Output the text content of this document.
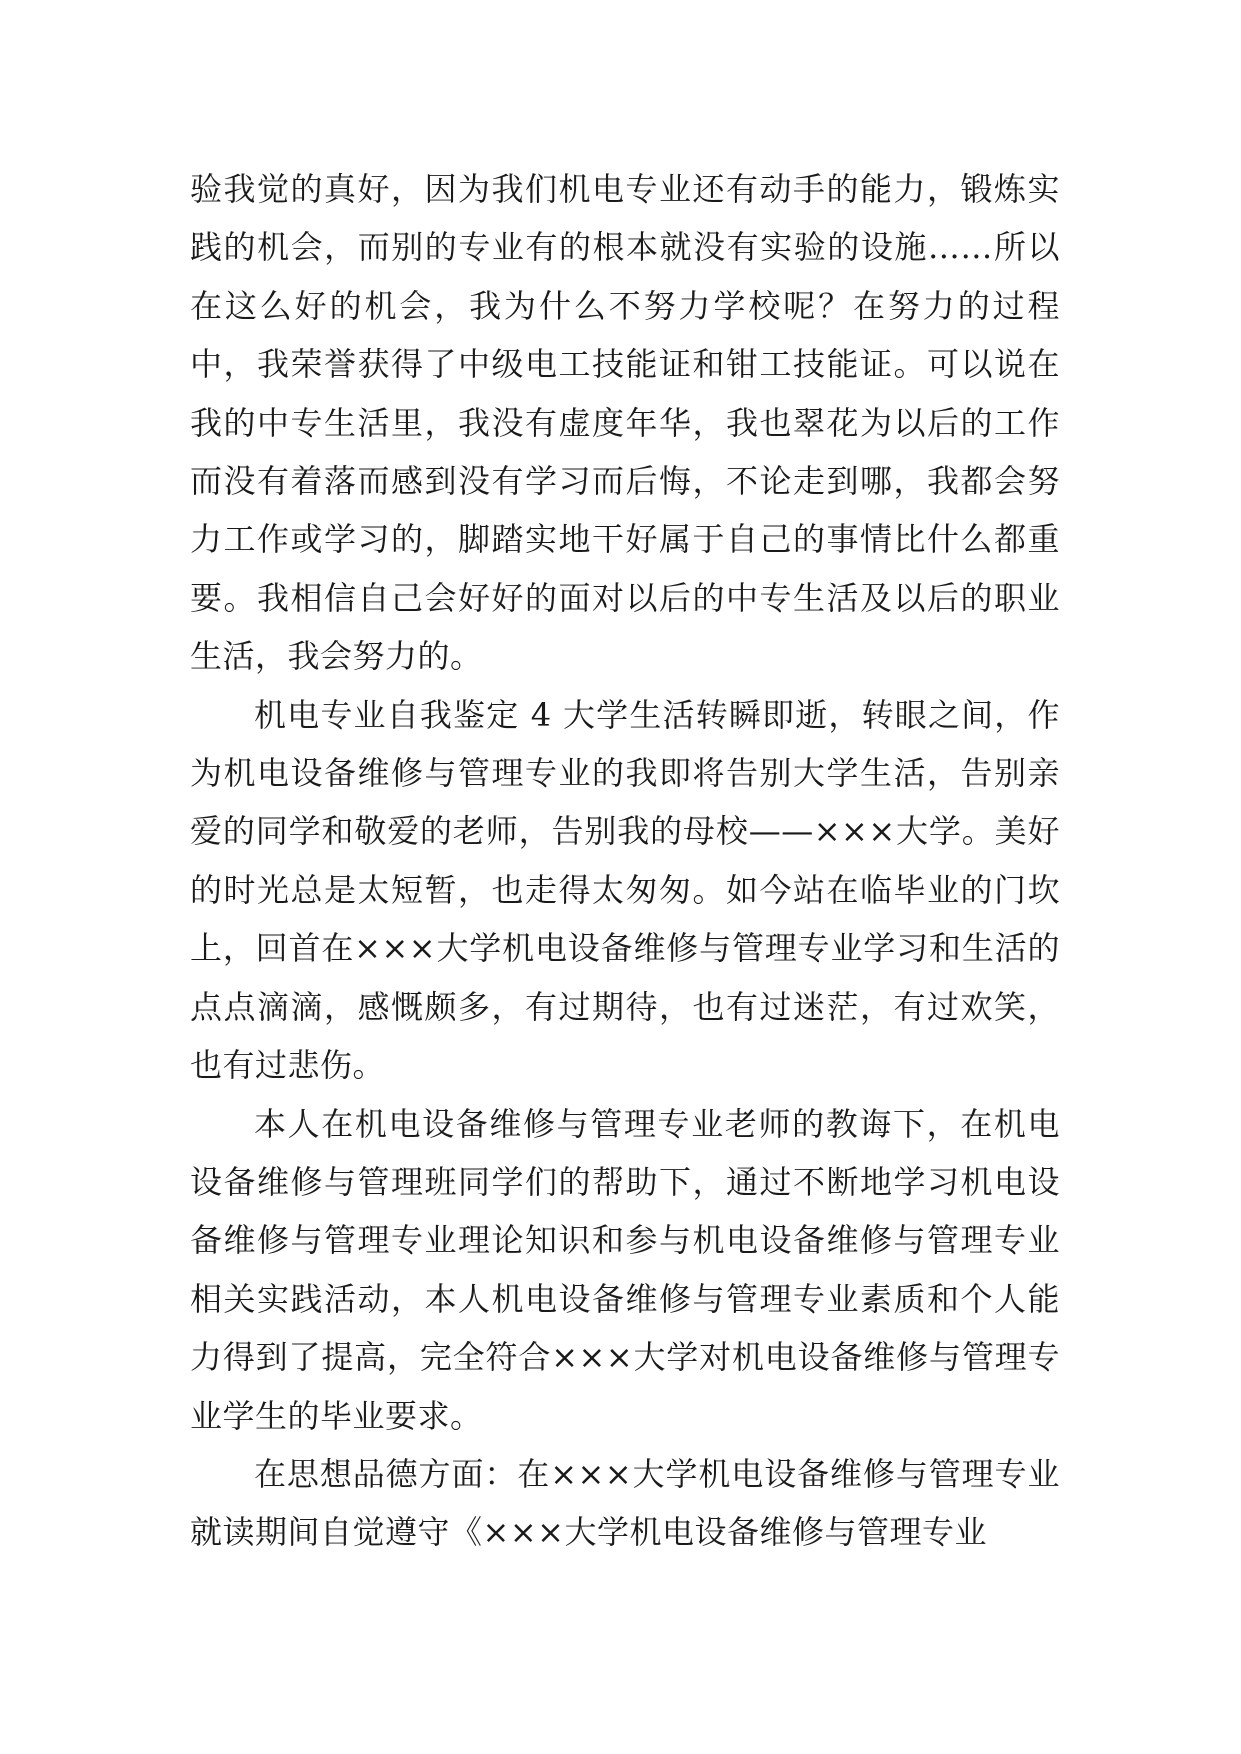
验我觉的真好，因为我们机电专业还有动手的能力，锻炼实践的机会，而别的专业有的根本就没有实验的设施……所以在这么好的机会，我为什么不努力学校呢？在努力的过程中，我荣誉获得了中级电工技能证和钳工技能证。可以说在我的中专生活里，我没有虚度年华，我也翠花为以后的工作而没有着落而感到没有学习而后悔，不论走到哪，我都会努力工作或学习的，脚踏实地干好属于自己的事情比什么都重要。我相信自己会好好的面对以后的中专生活及以后的职业生活，我会努力的。

机电专业自我鉴定 4 大学生活转瞬即逝，转眼之间，作为机电设备维修与管理专业的我即将告别大学生活，告别亲爱的同学和敬爱的老师，告别我的母校——×××大学。美好的时光总是太短暂，也走得太匆匆。如今站在临毕业的门坎上，回首在×××大学机电设备维修与管理专业学习和生活的点点滴滴，感慨颇多，有过期待，也有过迷茫，有过欢笑，也有过悲伤。

本人在机电设备维修与管理专业老师的教诲下，在机电设备维修与管理班同学们的帮助下，通过不断地学习机电设备维修与管理专业理论知识和参与机电设备维修与管理专业相关实践活动，本人机电设备维修与管理专业素质和个人能力得到了提高，完全符合×××大学对机电设备维修与管理专业学生的毕业要求。

在思想品德方面：在×××大学机电设备维修与管理专业就读期间自觉遵守《×××大学机电设备维修与管理专业
